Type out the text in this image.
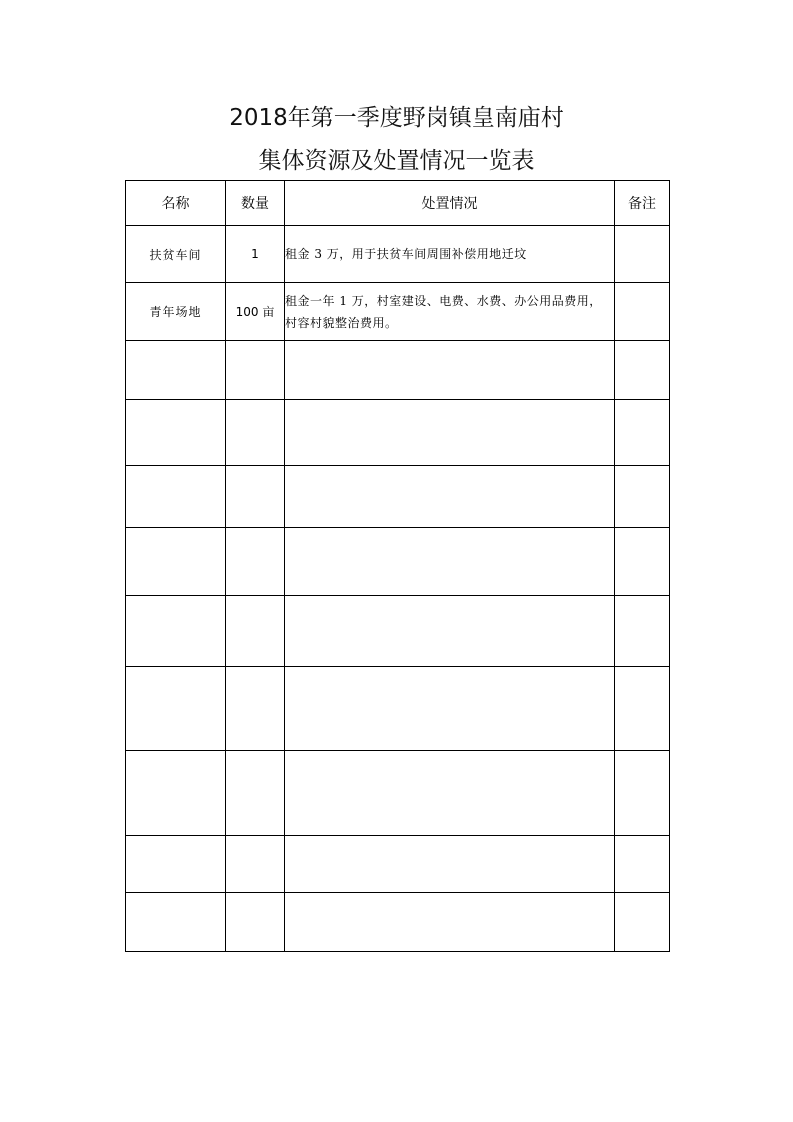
2018年第一季度野岗镇皇南庙村
集体资源及处置情况一览表
名称	数量	处置情况	备注
扶贫车间	1	租金 3 万，用于扶贫车间周围补偿用地迁坟	
青年场地	100 亩	租金一年 1 万，村室建设、电费、水费、办公用品费用，村容村貌整治费用。	
